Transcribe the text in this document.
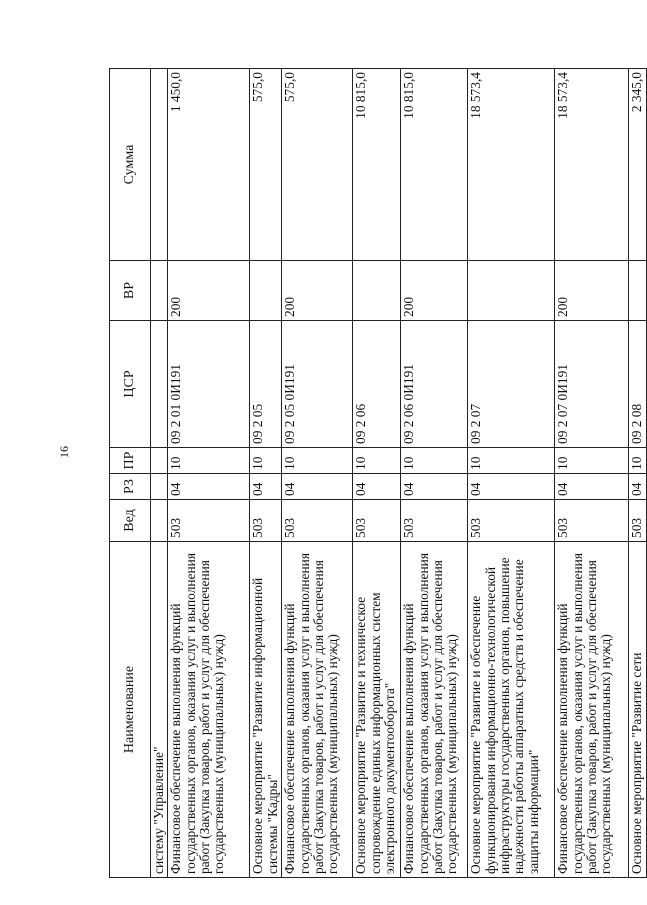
16
Наименование	Вед	РЗ	ПР	ЦСР	ВР	Сумма
систему "Управление"						
Финансовое обеспечение выполнения функций государственных органов, оказания услуг и выполнения работ (Закупка товаров, работ и услуг для обеспечения государственных (муниципальных) нужд)	503	04	10	09 2 01 0И191	200	1 450,0
Основное мероприятие "Развитие информационной системы "Кадры"	503	04	10	09 2 05		575,0
Финансовое обеспечение выполнения функций государственных органов, оказания услуг и выполнения работ (Закупка товаров, работ и услуг для обеспечения государственных (муниципальных) нужд)	503	04	10	09 2 05 0И191	200	575,0
Основное мероприятие "Развитие и техническое сопровождение единых информационных систем электронного документооборота"	503	04	10	09 2 06		10 815,0
Финансовое обеспечение выполнения функций государственных органов, оказания услуг и выполнения работ (Закупка товаров, работ и услуг для обеспечения государственных (муниципальных) нужд)	503	04	10	09 2 06 0И191	200	10 815,0
Основное мероприятие "Развитие и обеспечение функционирования информационно-технологической инфраструктуры государственных органов, повышение надежности работы аппаратных средств и обеспечение защиты информации"	503	04	10	09 2 07		18 573,4
Финансовое обеспечение выполнения функций государственных органов, оказания услуг и выполнения работ (Закупка товаров, работ и услуг для обеспечения государственных (муниципальных) нужд)	503	04	10	09 2 07 0И191	200	18 573,4
Основное мероприятие "Развитие сети	503	04	10	09 2 08		2 345,0
